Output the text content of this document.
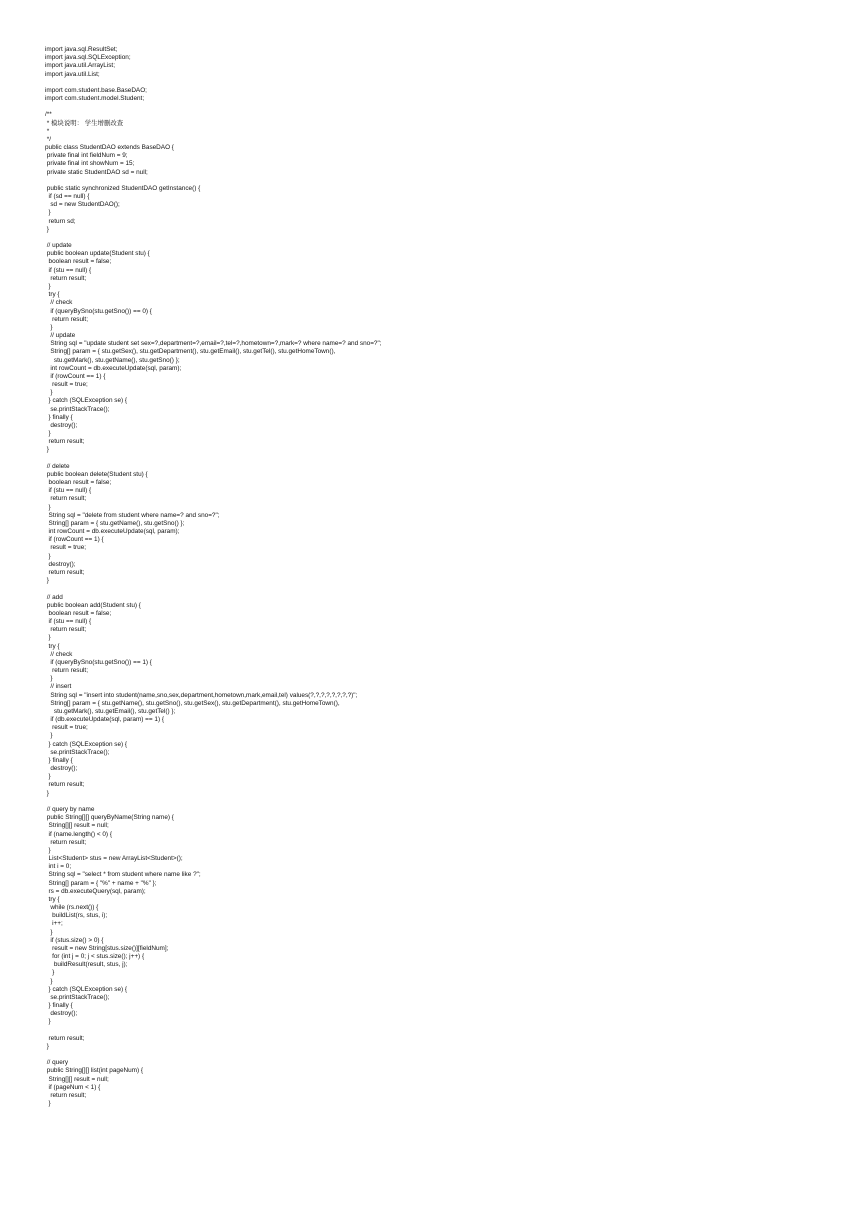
import java.sql.ResultSet;
import java.sql.SQLException;
import java.util.ArrayList;
import java.util.List;
import com.student.base.BaseDAO;
import com.student.model.Student;
/**
* 模块说明： 学生增删改查
*
*/
public class StudentDAO extends BaseDAO {
private final int fieldNum = 9;
private final int showNum = 15;
private static StudentDAO sd = null;
public static synchronized StudentDAO getInstance() {
if (sd == null) {
sd = new StudentDAO();
}
return sd;
}
// update
public boolean update(Student stu) {
boolean result = false;
if (stu == null) {
return result;
}
try {
// check
if (queryBySno(stu.getSno()) == 0) {
return result;
}
// update
String sql = "update student set sex=?,department=?,email=?,tel=?,hometown=?,mark=? where name=? and sno=?";
String[] param = { stu.getSex(), stu.getDepartment(), stu.getEmail(), stu.getTel(), stu.getHomeTown(),
stu.getMark(), stu.getName(), stu.getSno() };
int rowCount = db.executeUpdate(sql, param);
if (rowCount == 1) {
result = true;
}
} catch (SQLException se) {
se.printStackTrace();
} finally {
destroy();
}
return result;
}
// delete
public boolean delete(Student stu) {
boolean result = false;
if (stu == null) {
return result;
}
String sql = "delete from student where name=? and sno=?";
String[] param = { stu.getName(), stu.getSno() };
int rowCount = db.executeUpdate(sql, param);
if (rowCount == 1) {
result = true;
}
destroy();
return result;
}
// add
public boolean add(Student stu) {
boolean result = false;
if (stu == null) {
return result;
}
try {
// check
if (queryBySno(stu.getSno()) == 1) {
return result;
}
// insert
String sql = "insert into student(name,sno,sex,department,hometown,mark,email,tel) values(?,?,?,?,?,?,?,?)";
String[] param = { stu.getName(), stu.getSno(), stu.getSex(), stu.getDepartment(), stu.getHomeTown(),
stu.getMark(), stu.getEmail(), stu.getTel() };
if (db.executeUpdate(sql, param) == 1) {
result = true;
}
} catch (SQLException se) {
se.printStackTrace();
} finally {
destroy();
}
return result;
}
// query by name
public String[][] queryByName(String name) {
String[][] result = null;
if (name.length() < 0) {
return result;
}
List<Student> stus = new ArrayList<Student>();
int i = 0;
String sql = "select * from student where name like ?";
String[] param = { "%" + name + "%" };
rs = db.executeQuery(sql, param);
try {
while (rs.next()) {
buildList(rs, stus, i);
i++;
}
if (stus.size() > 0) {
result = new String[stus.size()][fieldNum];
for (int j = 0; j < stus.size(); j++) {
buildResult(result, stus, j);
}
}
} catch (SQLException se) {
se.printStackTrace();
} finally {
destroy();
}
return result;
}
// query
public String[][] list(int pageNum) {
String[][] result = null;
if (pageNum < 1) {
return result;
}
